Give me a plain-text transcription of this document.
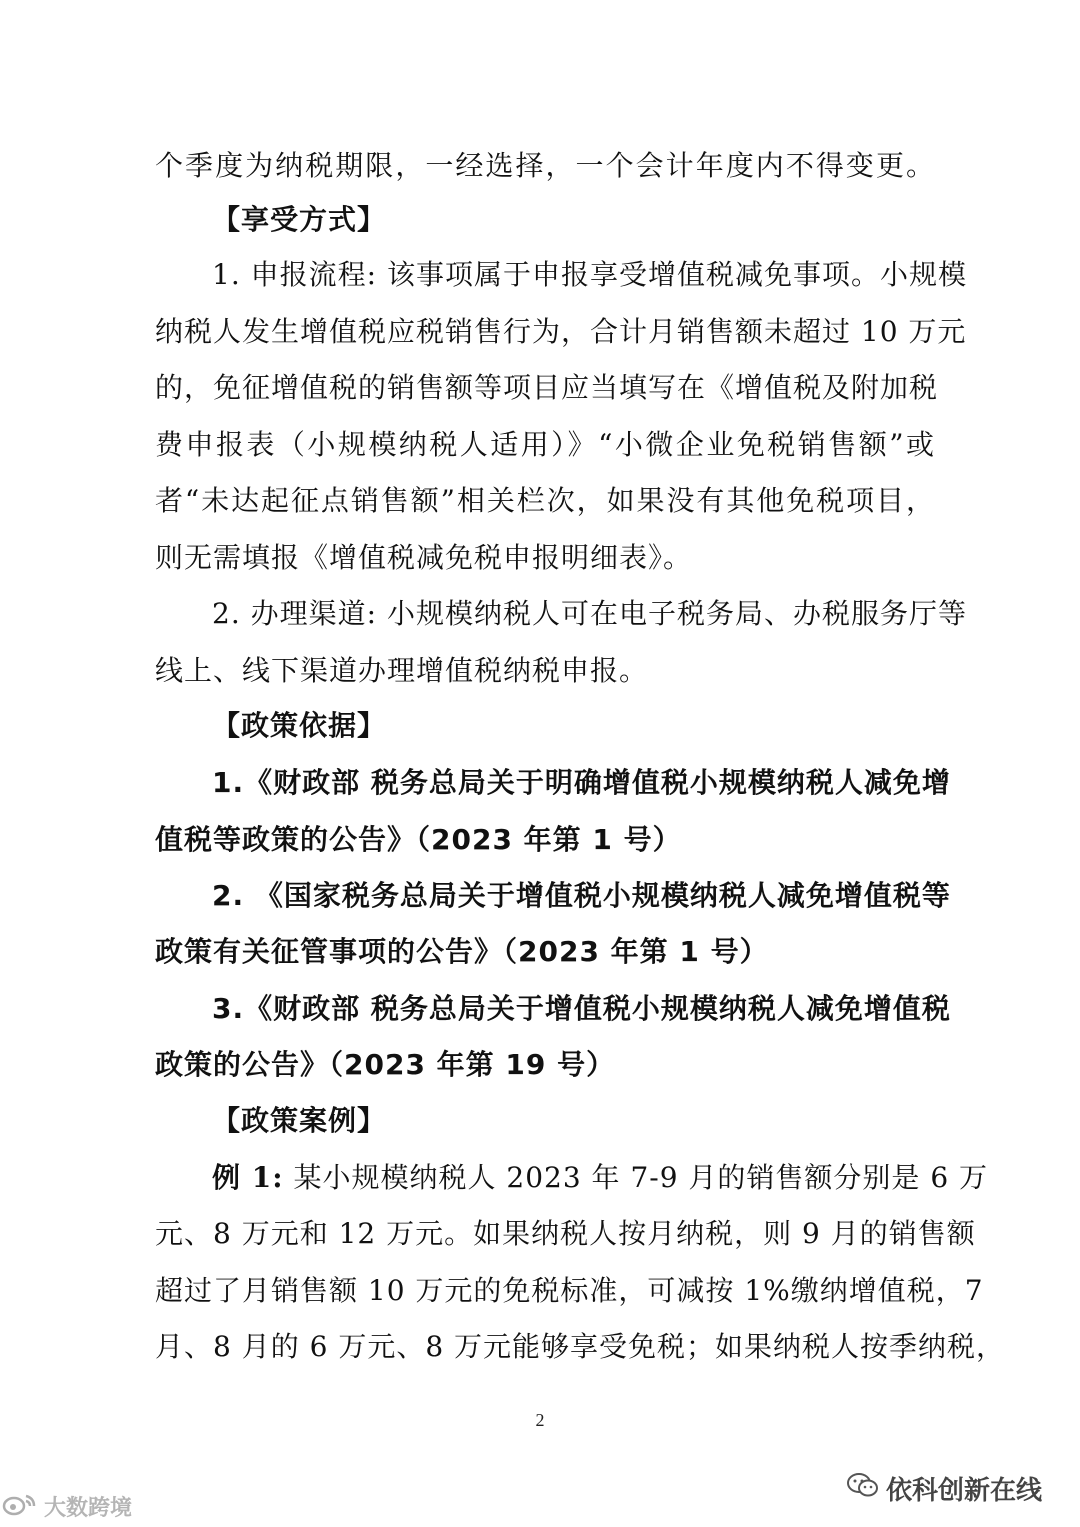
个季度为纳税期限，一经选择，一个会计年度内不得变更。
【享受方式】
1. 申报流程: 该事项属于申报享受增值税减免事项。小规模
纳税人发生增值税应税销售行为，合计月销售额未超过 10 万元
的，免征增值税的销售额等项目应当填写在《增值税及附加税
费申报表（小规模纳税人适用）》“小微企业免税销售额”或
者“未达起征点销售额”相关栏次，如果没有其他免税项目，
则无需填报《增值税减免税申报明细表》。
2. 办理渠道: 小规模纳税人可在电子税务局、办税服务厅等
线上、线下渠道办理增值税纳税申报。
【政策依据】
1.《财政部 税务总局关于明确增值税小规模纳税人减免增
值税等政策的公告》（2023 年第 1 号）
2. 《国家税务总局关于增值税小规模纳税人减免增值税等
政策有关征管事项的公告》（2023 年第 1 号）
3.《财政部 税务总局关于增值税小规模纳税人减免增值税
政策的公告》（2023 年第 19 号）
【政策案例】
例 1: 某小规模纳税人 2023 年 7-9 月的销售额分别是 6 万
元、8 万元和 12 万元。如果纳税人按月纳税，则 9 月的销售额
超过了月销售额 10 万元的免税标准，可减按 1%缴纳增值税，7
月、8 月的 6 万元、8 万元能够享受免税；如果纳税人按季纳税，
2
大数跨境
依科创新在线
